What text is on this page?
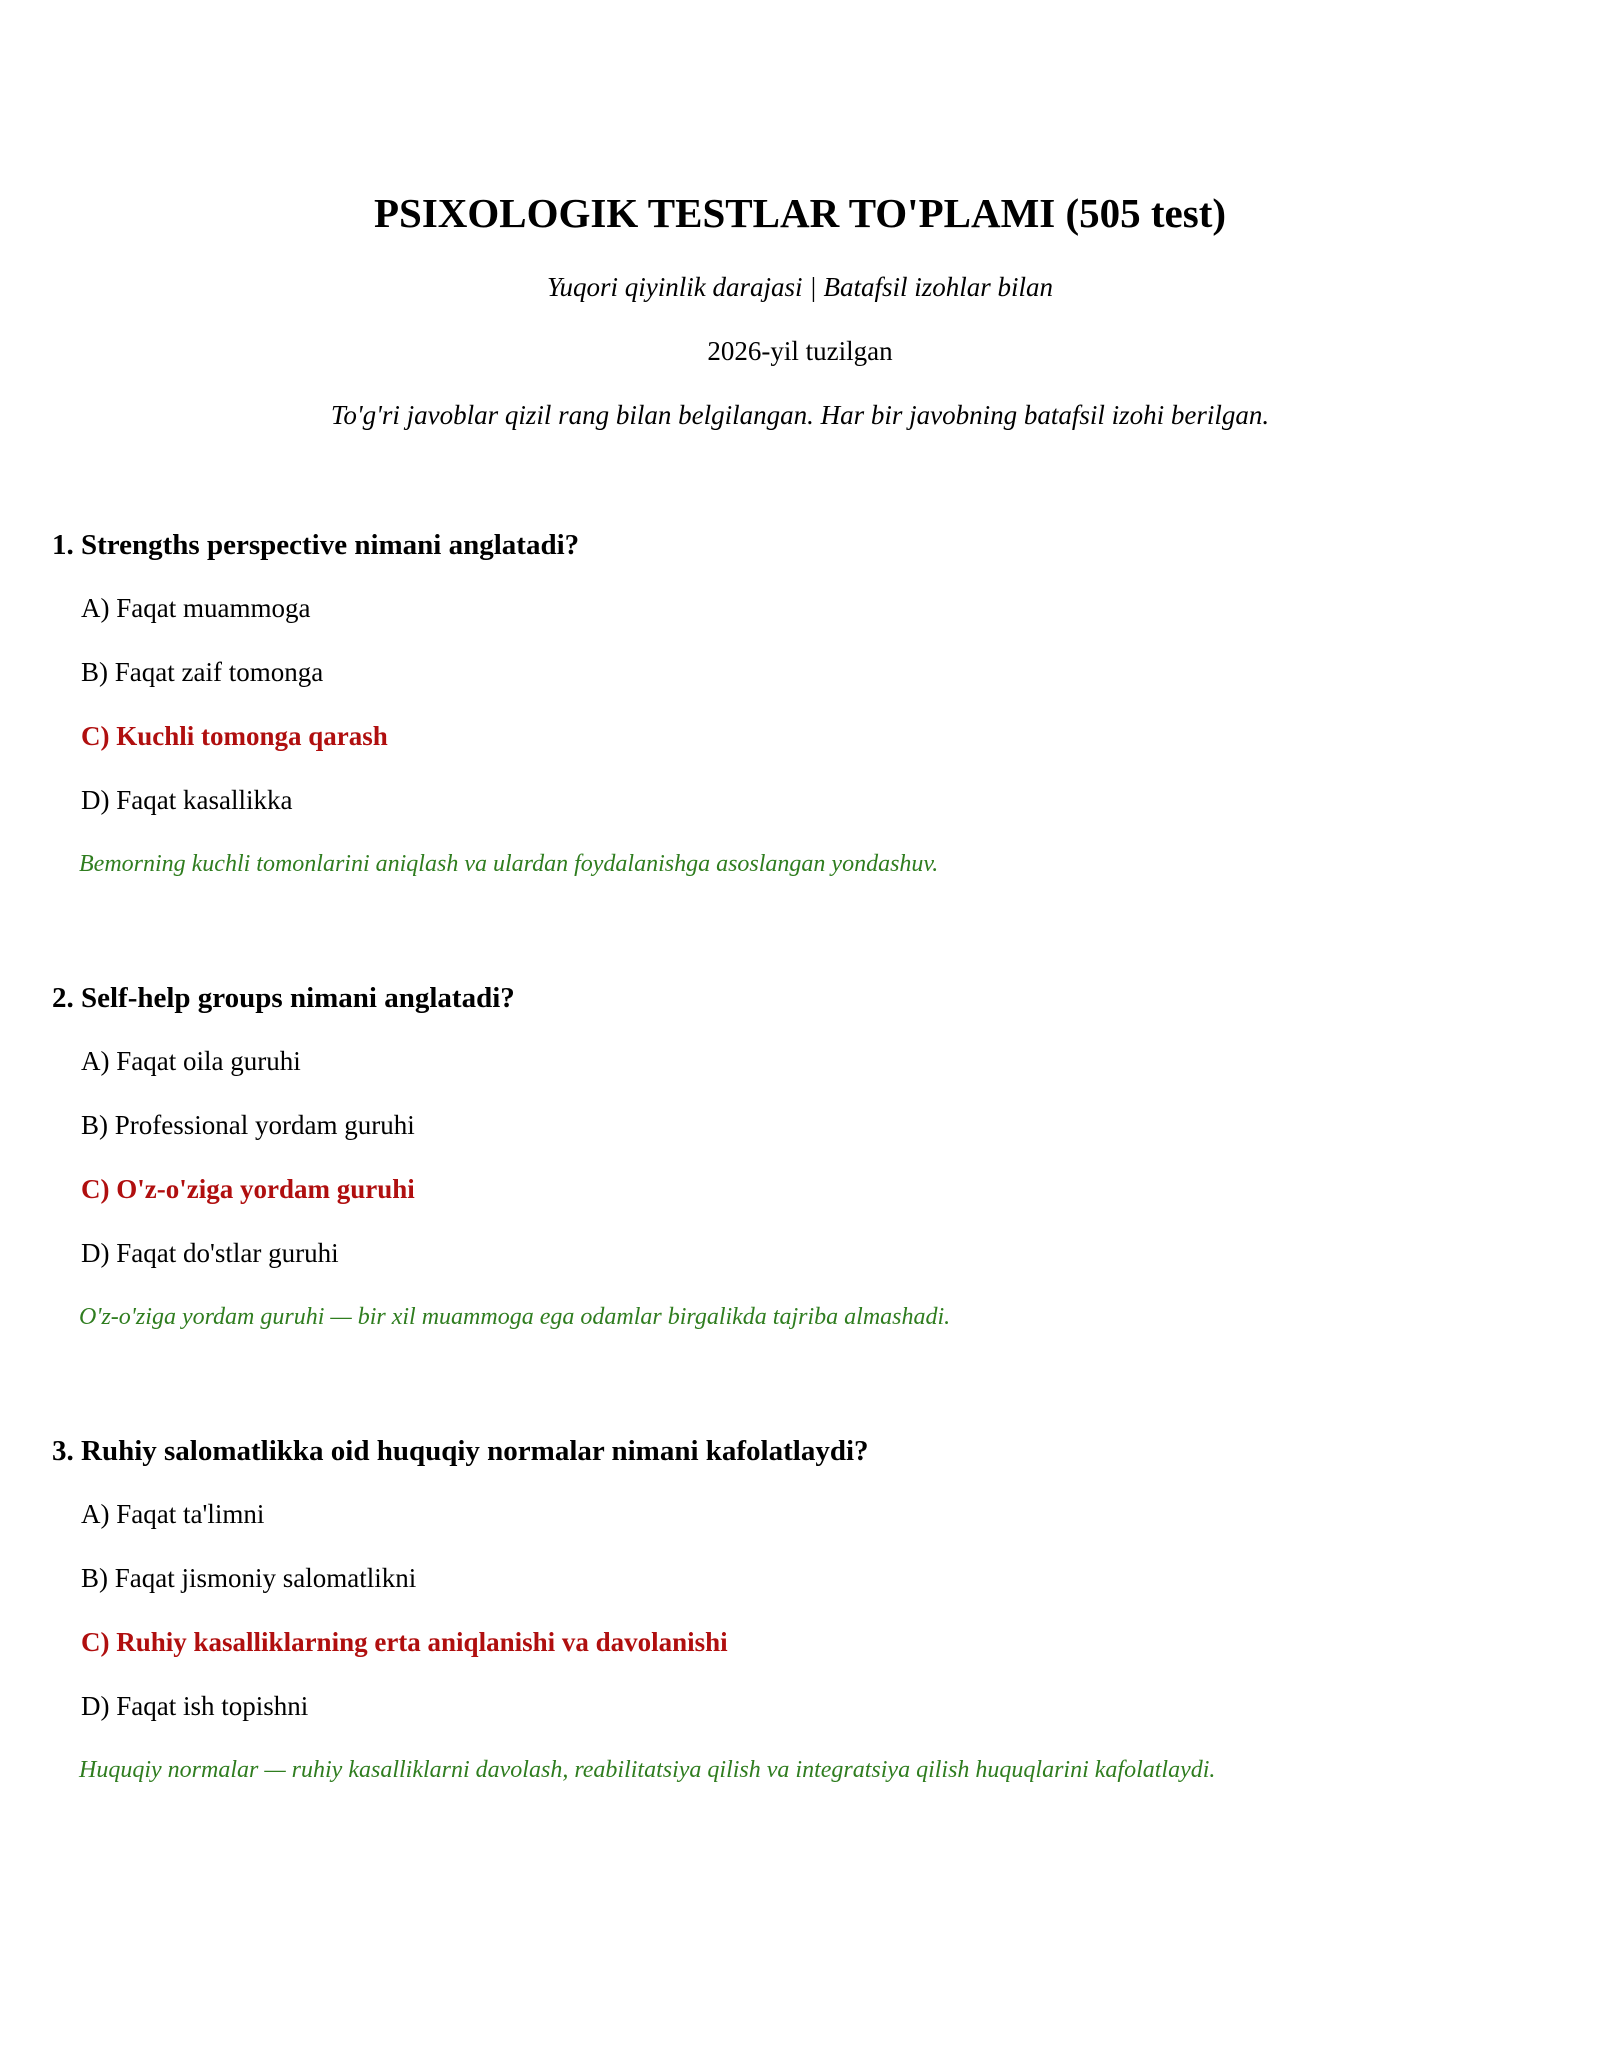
PSIXOLOGIK TESTLAR TO'PLAMI (505 test)

Yuqori qiyinlik darajasi | Batafsil izohlar bilan

2026-yil tuzilgan

To'g'ri javoblar qizil rang bilan belgilangan. Har bir javobning batafsil izohi berilgan.

1. Strengths perspective nimani anglatadi?

A) Faqat muammoga
B) Faqat zaif tomonga
C) Kuchli tomonga qarash
D) Faqat kasallikka
Bemorning kuchli tomonlarini aniqlash va ulardan foydalanishga asoslangan yondashuv.

2. Self-help groups nimani anglatadi?

A) Faqat oila guruhi
B) Professional yordam guruhi
C) O'z-o'ziga yordam guruhi
D) Faqat do'stlar guruhi
O'z-o'ziga yordam guruhi — bir xil muammoga ega odamlar birgalikda tajriba almashadi.

3. Ruhiy salomatlikka oid huquqiy normalar nimani kafolatlaydi?

A) Faqat ta'limni
B) Faqat jismoniy salomatlikni
C) Ruhiy kasalliklarning erta aniqlanishi va davolanishi
D) Faqat ish topishni
Huquqiy normalar — ruhiy kasalliklarni davolash, reabilitatsiya qilish va integratsiya qilish huquqlarini kafolatlaydi.
